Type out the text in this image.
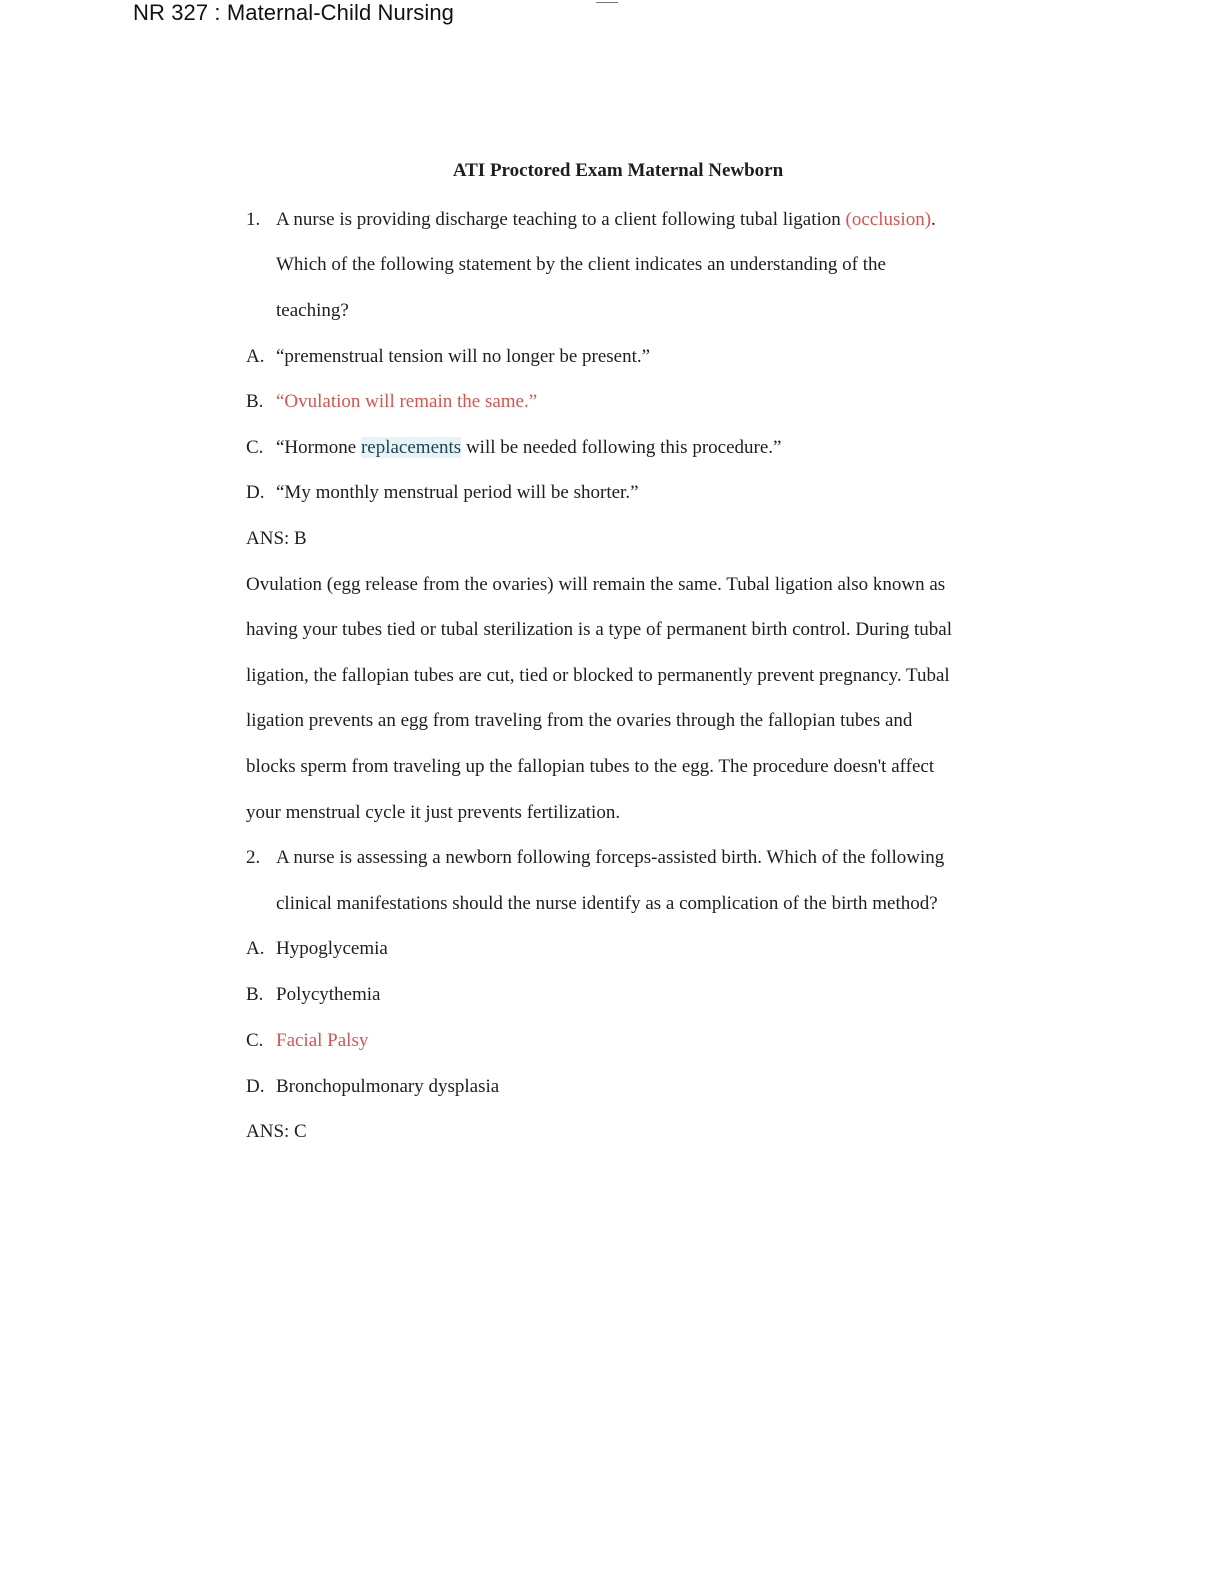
NR 327 : Maternal-Child Nursing
ATI Proctored Exam Maternal Newborn
1. A nurse is providing discharge teaching to a client following tubal ligation (occlusion).
Which of the following statement by the client indicates an understanding of the
teaching?
A. “premenstrual tension will no longer be present.”
B. “Ovulation will remain the same.”
C. “Hormone replacements will be needed following this procedure.”
D. “My monthly menstrual period will be shorter.”
ANS: B
Ovulation (egg release from the ovaries) will remain the same. Tubal ligation also known as
having your tubes tied or tubal sterilization is a type of permanent birth control. During tubal
ligation, the fallopian tubes are cut, tied or blocked to permanently prevent pregnancy. Tubal
ligation prevents an egg from traveling from the ovaries through the fallopian tubes and
blocks sperm from traveling up the fallopian tubes to the egg. The procedure doesn't affect
your menstrual cycle it just prevents fertilization.
2. A nurse is assessing a newborn following forceps-assisted birth. Which of the following
clinical manifestations should the nurse identify as a complication of the birth method?
A. Hypoglycemia
B. Polycythemia
C. Facial Palsy
D. Bronchopulmonary dysplasia
ANS: C
